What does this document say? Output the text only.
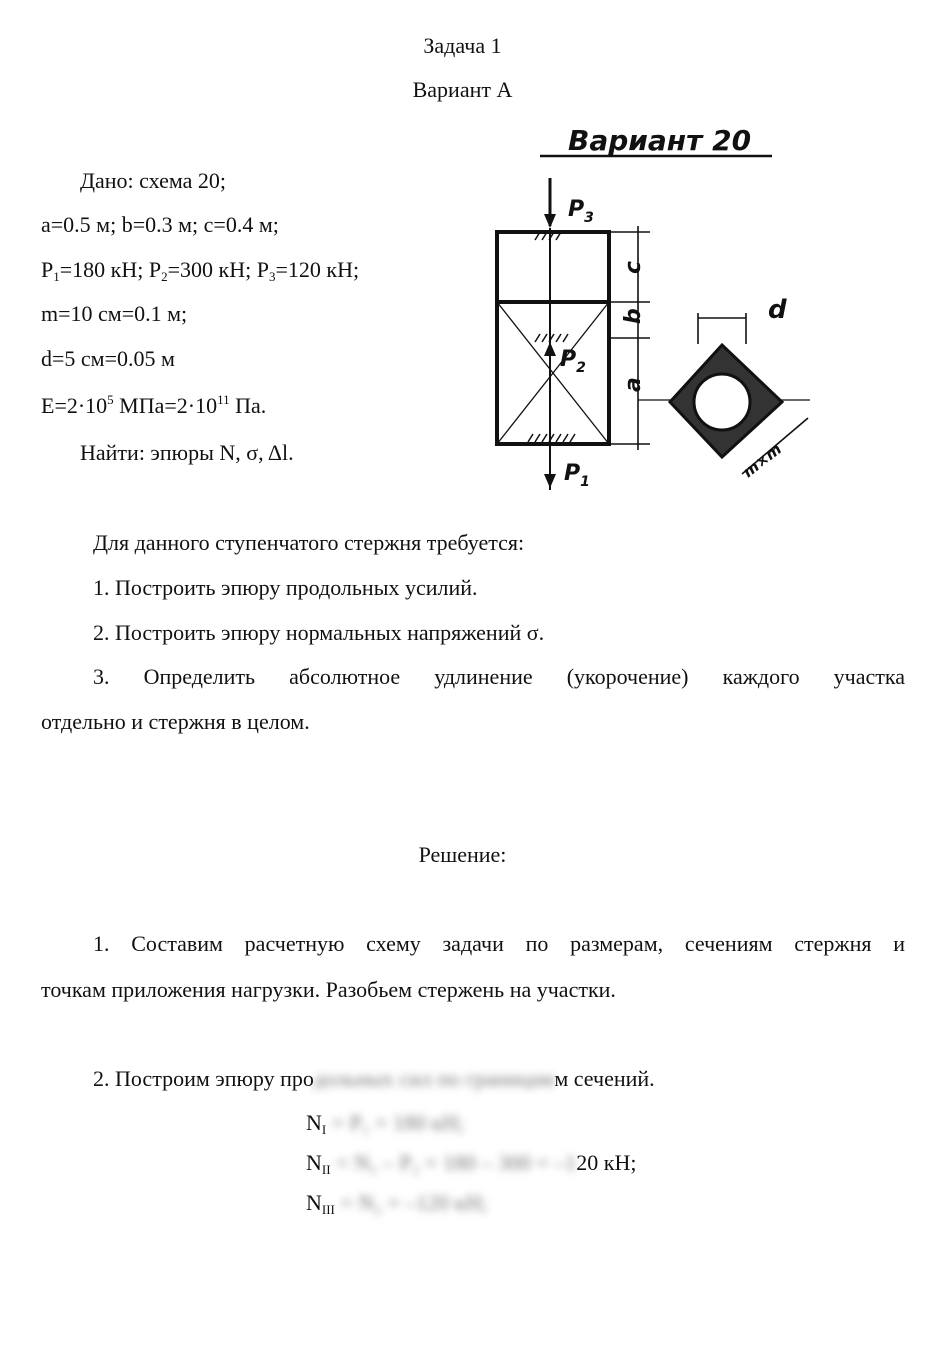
Задача 1
Вариант А
Дано: схема 20;
a=0.5 м; b=0.3 м; c=0.4 м;
$P_1=180$ кН; $P_2=300$ кН; $P_3=120$ кН;
m=10 см=0.1 м;
d=5 см=0.05 м
$E=2\cdot 10^5$ $МПа=2\cdot 10^{11}$ Па.
Найти: эпюры N, σ, Δl.
Вариант 20
$P_3$
$P_2$
$P_1$
c
b
a
d
m×m
Для данного ступенчатого стержня требуется:
1. Построить эпюру продольных усилий.
2. Построить эпюру нормальных напряжений σ.
3. Определить абсолютное удлинение (укорочение) каждого участка
отдельно и стержня в целом.
Решение:
1. Составим расчетную схему задачи по размерам, сечениям стержня и
точкам приложения нагрузки. Разобьем стержень на участки.
2. Построим эпюру продольных сил по границамм сечений.
$N_I = P_1 = 180$ кН;
$N_{II} = N_1 - P_2 = 180 - 300 = -120$ кН;
$N_{III} = N_2 = -120$ кН;
